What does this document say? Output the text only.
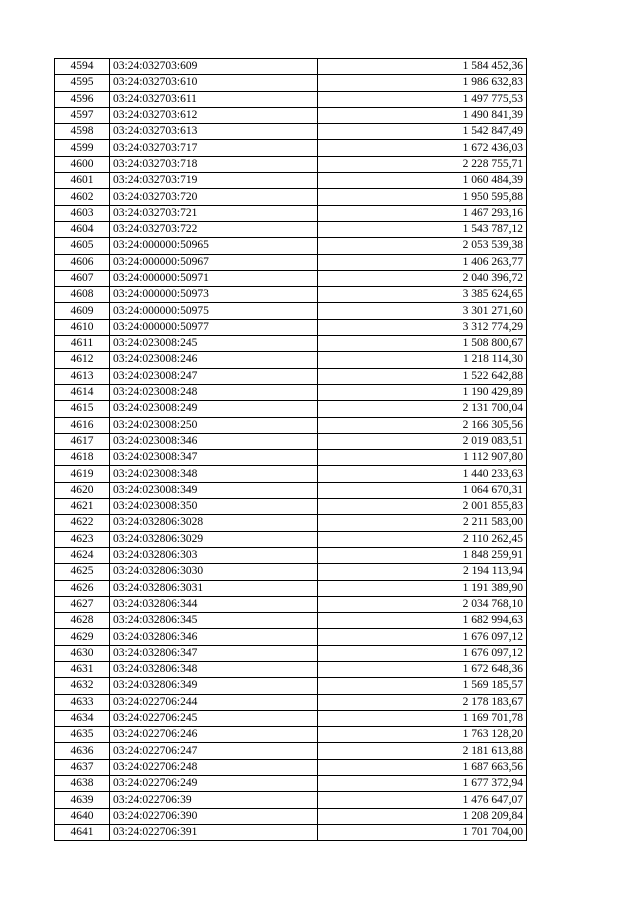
4594	03:24:032703:609	1 584 452,36
4595	03:24:032703:610	1 986 632,83
4596	03:24:032703:611	1 497 775,53
4597	03:24:032703:612	1 490 841,39
4598	03:24:032703:613	1 542 847,49
4599	03:24:032703:717	1 672 436,03
4600	03:24:032703:718	2 228 755,71
4601	03:24:032703:719	1 060 484,39
4602	03:24:032703:720	1 950 595,88
4603	03:24:032703:721	1 467 293,16
4604	03:24:032703:722	1 543 787,12
4605	03:24:000000:50965	2 053 539,38
4606	03:24:000000:50967	1 406 263,77
4607	03:24:000000:50971	2 040 396,72
4608	03:24:000000:50973	3 385 624,65
4609	03:24:000000:50975	3 301 271,60
4610	03:24:000000:50977	3 312 774,29
4611	03:24:023008:245	1 508 800,67
4612	03:24:023008:246	1 218 114,30
4613	03:24:023008:247	1 522 642,88
4614	03:24:023008:248	1 190 429,89
4615	03:24:023008:249	2 131 700,04
4616	03:24:023008:250	2 166 305,56
4617	03:24:023008:346	2 019 083,51
4618	03:24:023008:347	1 112 907,80
4619	03:24:023008:348	1 440 233,63
4620	03:24:023008:349	1 064 670,31
4621	03:24:023008:350	2 001 855,83
4622	03:24:032806:3028	2 211 583,00
4623	03:24:032806:3029	2 110 262,45
4624	03:24:032806:303	1 848 259,91
4625	03:24:032806:3030	2 194 113,94
4626	03:24:032806:3031	1 191 389,90
4627	03:24:032806:344	2 034 768,10
4628	03:24:032806:345	1 682 994,63
4629	03:24:032806:346	1 676 097,12
4630	03:24:032806:347	1 676 097,12
4631	03:24:032806:348	1 672 648,36
4632	03:24:032806:349	1 569 185,57
4633	03:24:022706:244	2 178 183,67
4634	03:24:022706:245	1 169 701,78
4635	03:24:022706:246	1 763 128,20
4636	03:24:022706:247	2 181 613,88
4637	03:24:022706:248	1 687 663,56
4638	03:24:022706:249	1 677 372,94
4639	03:24:022706:39	1 476 647,07
4640	03:24:022706:390	1 208 209,84
4641	03:24:022706:391	1 701 704,00
